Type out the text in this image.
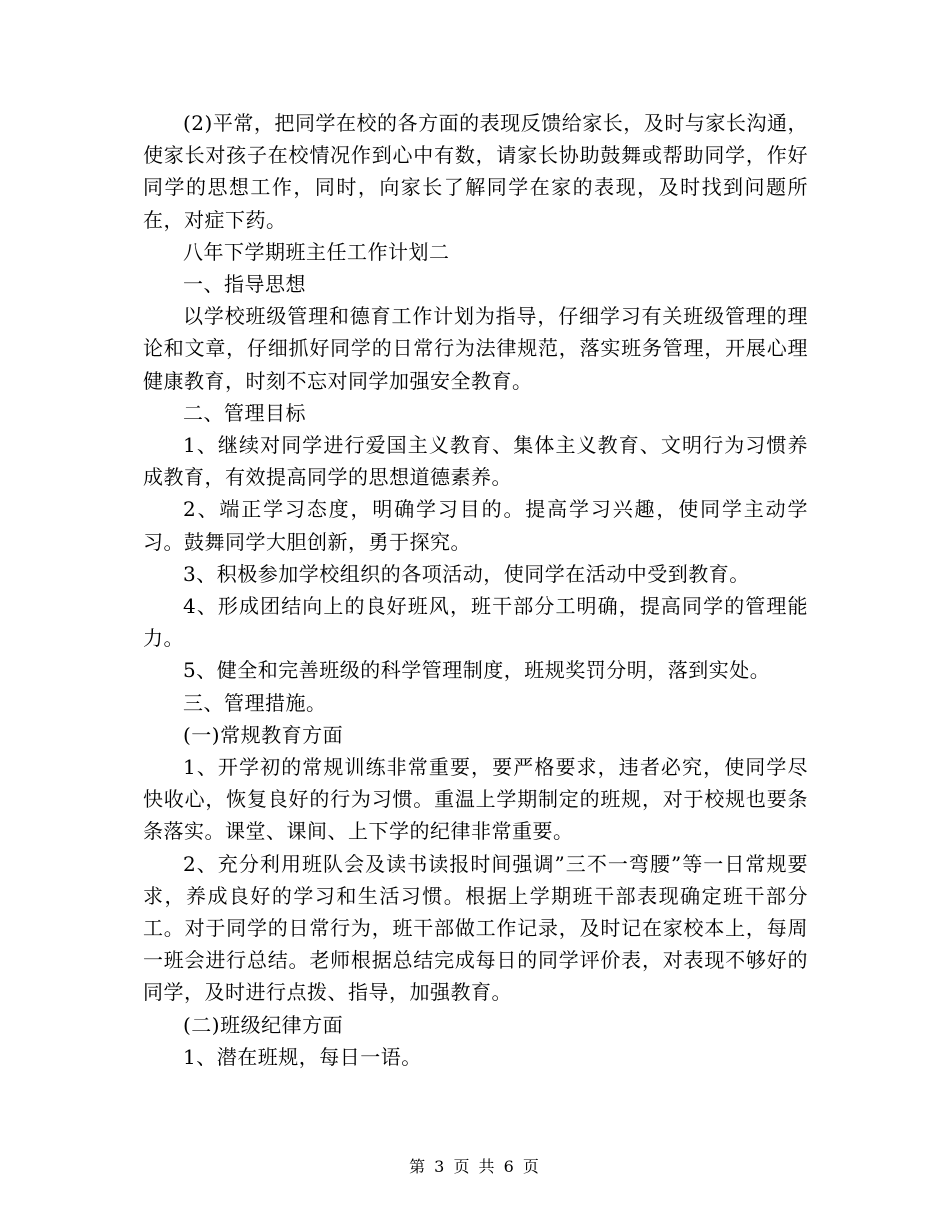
(2)平常，把同学在校的各方面的表现反馈给家长，及时与家长沟通，使家长对孩子在校情况作到心中有数，请家长协助鼓舞或帮助同学，作好同学的思想工作，同时，向家长了解同学在家的表现，及时找到问题所在，对症下药。

八年下学期班主任工作计划二

一、指导思想

以学校班级管理和德育工作计划为指导，仔细学习有关班级管理的理论和文章，仔细抓好同学的日常行为法律规范，落实班务管理，开展心理健康教育，时刻不忘对同学加强安全教育。

二、管理目标

1、继续对同学进行爱国主义教育、集体主义教育、文明行为习惯养成教育，有效提高同学的思想道德素养。

2、端正学习态度，明确学习目的。提高学习兴趣，使同学主动学习。鼓舞同学大胆创新，勇于探究。

3、积极参加学校组织的各项活动，使同学在活动中受到教育。

4、形成团结向上的良好班风，班干部分工明确，提高同学的管理能力。

5、健全和完善班级的科学管理制度，班规奖罚分明，落到实处。

三、管理措施。

(一)常规教育方面

1、开学初的常规训练非常重要，要严格要求，违者必究，使同学尽快收心，恢复良好的行为习惯。重温上学期制定的班规，对于校规也要条条落实。课堂、课间、上下学的纪律非常重要。

2、充分利用班队会及读书读报时间强调”三不一弯腰”等一日常规要求，养成良好的学习和生活习惯。根据上学期班干部表现确定班干部分工。对于同学的日常行为，班干部做工作记录，及时记在家校本上，每周一班会进行总结。老师根据总结完成每日的同学评价表，对表现不够好的同学，及时进行点拨、指导，加强教育。

(二)班级纪律方面

1、潜在班规，每日一语。

第 3 页 共 6 页
